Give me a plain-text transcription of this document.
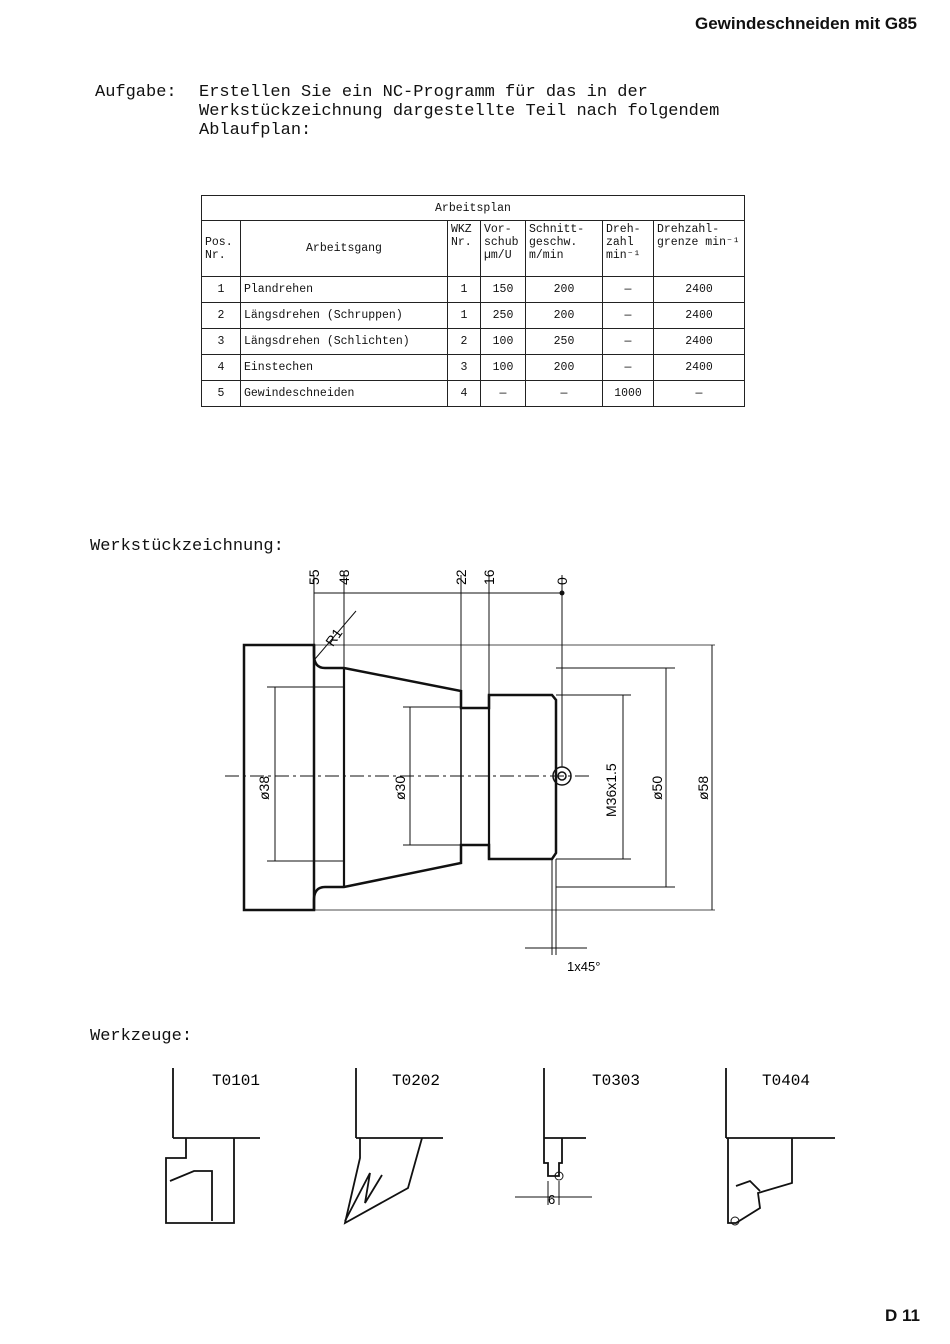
Gewindeschneiden mit G85
Aufgabe: Erstellen Sie ein NC-Programm für das in der Werkstückzeichnung dargestellte Teil nach folgendem Ablaufplan:
Arbeitsplan						
Pos. Nr.	Arbeitsgang	WKZ Nr.	Vor- schub µm/U	Schnitt- geschw. m/min	Dreh- zahl min⁻¹	Drehzahl- grenze min⁻¹
1	Plandrehen	1	150	200	—	2400
2	Längsdrehen (Schruppen)	1	250	200	—	2400
3	Längsdrehen (Schlichten)	2	100	250	—	2400
4	Einstechen	3	100	200	—	2400
5	Gewindeschneiden	4	—	—	1000	—
Werkstückzeichnung:
55 48	22 16	0
ø38	ø30	M36x1.5 ø50 ø58
R1
1x45°
Werkzeuge:
T0101	T0202	T0303	T0404
6
D 11
